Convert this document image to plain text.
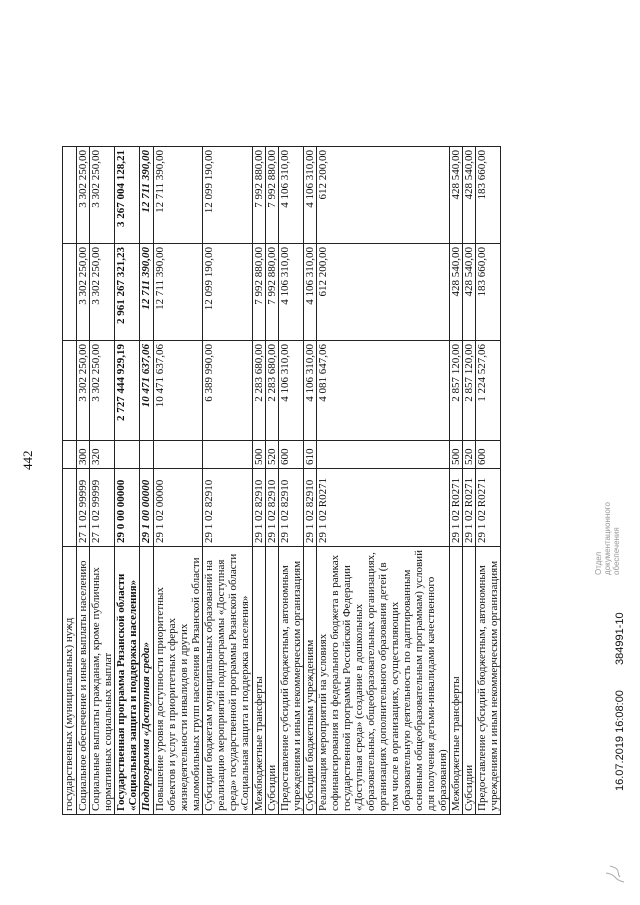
442
государственных (муниципальных) нужд					
Социальное обеспечение и иные выплаты населению	27 1 02 99999	300	3 302 250,00	3 302 250,00	3 302 250,00
Социальные выплаты гражданам, кроме публичных нормативных социальных выплат	27 1 02 99999	320	3 302 250,00	3 302 250,00	3 302 250,00
Государственная программа Рязанской области «Социальная защита и поддержка населения»	29 0 00 00000		2 727 444 929,19	2 961 267 321,23	3 267 004 128,21
Подпрограмма «Доступная среда»	29 1 00 00000		10 471 637,06	12 711 390,00	12 711 390,00
Повышение уровня доступности приоритетных объектов и услуг в приоритетных сферах жизнедеятельности инвалидов и других маломобильных групп населения в Рязанской области	29 1 02 00000		10 471 637,06	12 711 390,00	12 711 390,00
Субсидии бюджетам муниципальных образований на реализацию мероприятий подпрограммы «Доступная среда» государственной программы Рязанской области «Социальная защита и поддержка населения»	29 1 02 82910		6 389 990,00	12 099 190,00	12 099 190,00
Межбюджетные трансферты	29 1 02 82910	500	2 283 680,00	7 992 880,00	7 992 880,00
Субсидии	29 1 02 82910	520	2 283 680,00	7 992 880,00	7 992 880,00
Предоставление субсидий бюджетным, автономным учреждениям и иным некоммерческим организациям	29 1 02 82910	600	4 106 310,00	4 106 310,00	4 106 310,00
Субсидии бюджетным учреждениям	29 1 02 82910	610	4 106 310,00	4 106 310,00	4 106 310,00
Реализация мероприятий на условиях софинансирования из федерального бюджета в рамках государственной программы Российской Федерации «Доступная среда» (создание в дошкольных образовательных, общеобразовательных организациях, организациях дополнительного образования детей (в том числе в организациях, осуществляющих образовательную деятельность по адаптированным основным общеобразовательным программам) условий для получения детьми-инвалидами качественного образования)	29 1 02 R0271		4 081 647,06	612 200,00	612 200,00
Межбюджетные трансферты	29 1 02 R0271	500	2 857 120,00	428 540,00	428 540,00
Субсидии	29 1 02 R0271	520	2 857 120,00	428 540,00	428 540,00
Предоставление субсидий бюджетным, автономным учреждениям и иным некоммерческим организациям	29 1 02 R0271	600	1 224 527,06	183 660,00	183 660,00
16.07.2019 16:08:00 384991-10
Отдел документационного обеспечения
